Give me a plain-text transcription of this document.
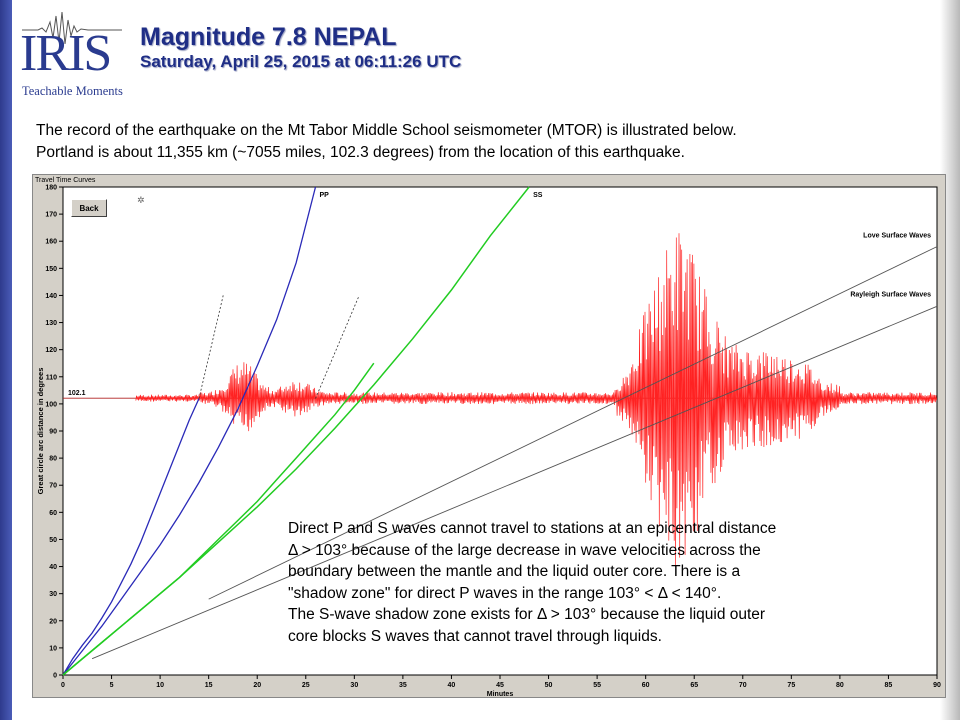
IRIS
Teachable Moments
Magnitude 7.8 NEPAL
Saturday, April 25, 2015 at 06:11:26 UTC

The record of the earthquake on the Mt Tabor Middle School seismometer (MTOR) is illustrated below.

Portland is about 11,355 km (~7055 miles, 102.3 degrees) from the location of this earthquake.

Travel Time Curves
0
10
20
30
40
50
60
70
80
90
100
110
120
130
140
150
160
170
180
0	5	10	15	20	25	30	35	40	45	50	55	60	65	70	75	80	85	90
Minutes
Great circle arc distance in degrees	102.1
PP	SS
Love Surface Waves
Rayleigh Surface Waves
✲
Back

Direct P and S waves cannot travel to stations at an epicentral distance

Δ > 103° because of the large decrease in wave velocities across the

boundary between the mantle and the liquid outer core. There is a

"shadow zone" for direct P waves in the range 103° < Δ < 140°.

The S-wave shadow zone exists for Δ > 103° because the liquid outer

core blocks S waves that cannot travel through liquids.
